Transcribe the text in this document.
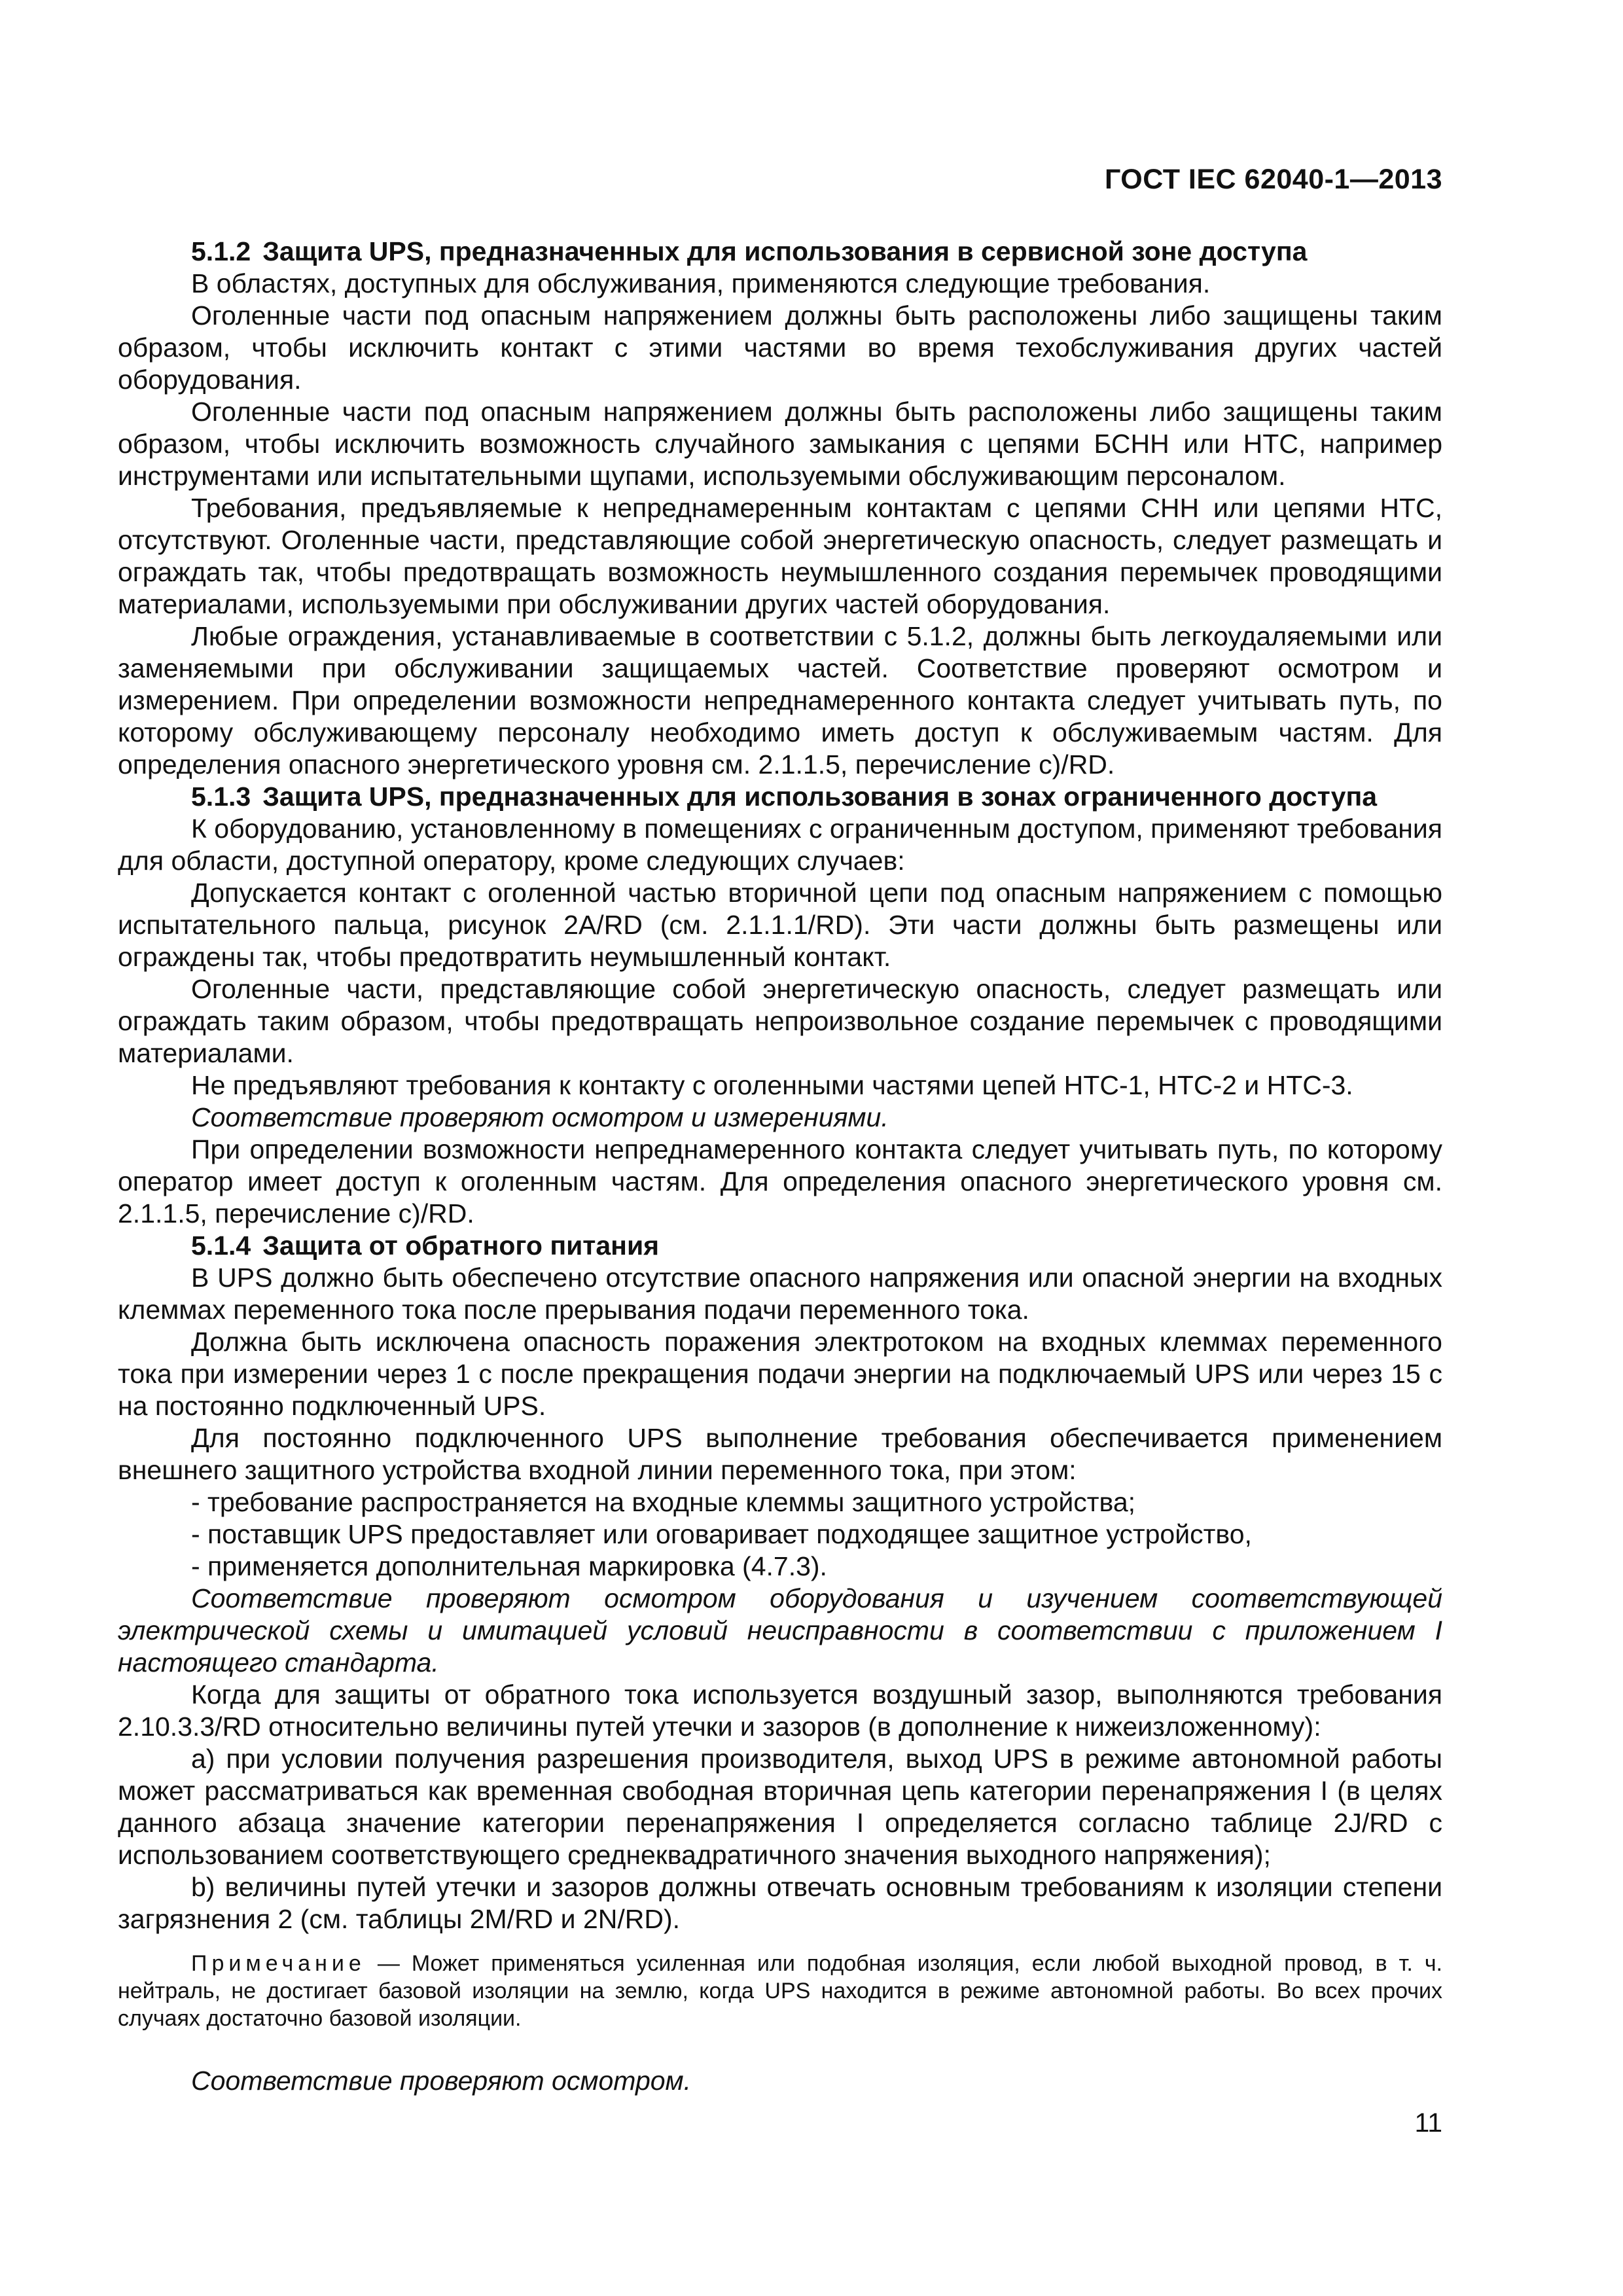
ГОСТ IEC 62040-1—2013

5.1.2 Защита UPS, предназначенных для использования в сервисной зоне доступа

В областях, доступных для обслуживания, применяются следующие требования.

Оголенные части под опасным напряжением должны быть расположены либо защищены таким образом, чтобы исключить контакт с этими частями во время техобслуживания других частей оборудования.

Оголенные части под опасным напряжением должны быть расположены либо защищены таким образом, чтобы исключить возможность случайного замыкания с цепями БСНН или НТС, например инструментами или испытательными щупами, используемыми обслуживающим персоналом.

Требования, предъявляемые к непреднамеренным контактам с цепями СНН или цепями НТС, отсутствуют. Оголенные части, представляющие собой энергетическую опасность, следует размещать и ограждать так, чтобы предотвращать возможность неумышленного создания перемычек проводящими материалами, используемыми при обслуживании других частей оборудования.

Любые ограждения, устанавливаемые в соответствии с 5.1.2, должны быть легкоудаляемыми или заменяемыми при обслуживании защищаемых частей. Соответствие проверяют осмотром и измерением. При определении возможности непреднамеренного контакта следует учитывать путь, по которому обслуживающему персоналу необходимо иметь доступ к обслуживаемым частям. Для определения опасного энергетического уровня см. 2.1.1.5, перечисление c)/RD.

5.1.3 Защита UPS, предназначенных для использования в зонах ограниченного доступа

К оборудованию, установленному в помещениях с ограниченным доступом, применяют требования для области, доступной оператору, кроме следующих случаев:

Допускается контакт с оголенной частью вторичной цепи под опасным напряжением с помощью испытательного пальца, рисунок 2A/RD (см. 2.1.1.1/RD). Эти части должны быть размещены или ограждены так, чтобы предотвратить неумышленный контакт.

Оголенные части, представляющие собой энергетическую опасность, следует размещать или ограждать таким образом, чтобы предотвращать непроизвольное создание перемычек с проводящими материалами.

Не предъявляют требования к контакту с оголенными частями цепей НТС-1, НТС-2 и НТС-3.

Соответствие проверяют осмотром и измерениями.

При определении возможности непреднамеренного контакта следует учитывать путь, по которому оператор имеет доступ к оголенным частям. Для определения опасного энергетического уровня см. 2.1.1.5, перечисление c)/RD.

5.1.4 Защита от обратного питания

В UPS должно быть обеспечено отсутствие опасного напряжения или опасной энергии на входных клеммах переменного тока после прерывания подачи переменного тока.

Должна быть исключена опасность поражения электротоком на входных клеммах переменного тока при измерении через 1 с после прекращения подачи энергии на подключаемый UPS или через 15 с на постоянно подключенный UPS.

Для постоянно подключенного UPS выполнение требования обеспечивается применением внешнего защитного устройства входной линии переменного тока, при этом:

- требование распространяется на входные клеммы защитного устройства;

- поставщик UPS предоставляет или оговаривает подходящее защитное устройство,

- применяется дополнительная маркировка (4.7.3).

Соответствие проверяют осмотром оборудования и изучением соответствующей электрической схемы и имитацией условий неисправности в соответствии с приложением I настоящего стандарта.

Когда для защиты от обратного тока используется воздушный зазор, выполняются требования 2.10.3.3/RD относительно величины путей утечки и зазоров (в дополнение к нижеизложенному):

a) при условии получения разрешения производителя, выход UPS в режиме автономной работы может рассматриваться как временная свободная вторичная цепь категории перенапряжения I (в целях данного абзаца значение категории перенапряжения I определяется согласно таблице 2J/RD с использованием соответствующего среднеквадратичного значения выходного напряжения);

b) величины путей утечки и зазоров должны отвечать основным требованиям к изоляции степени загрязнения 2 (см. таблицы 2M/RD и 2N/RD).

Примечание — Может применяться усиленная или подобная изоляция, если любой выходной провод, в т. ч. нейтраль, не достигает базовой изоляции на землю, когда UPS находится в режиме автономной работы. Во всех прочих случаях достаточно базовой изоляции.

Соответствие проверяют осмотром.

11
